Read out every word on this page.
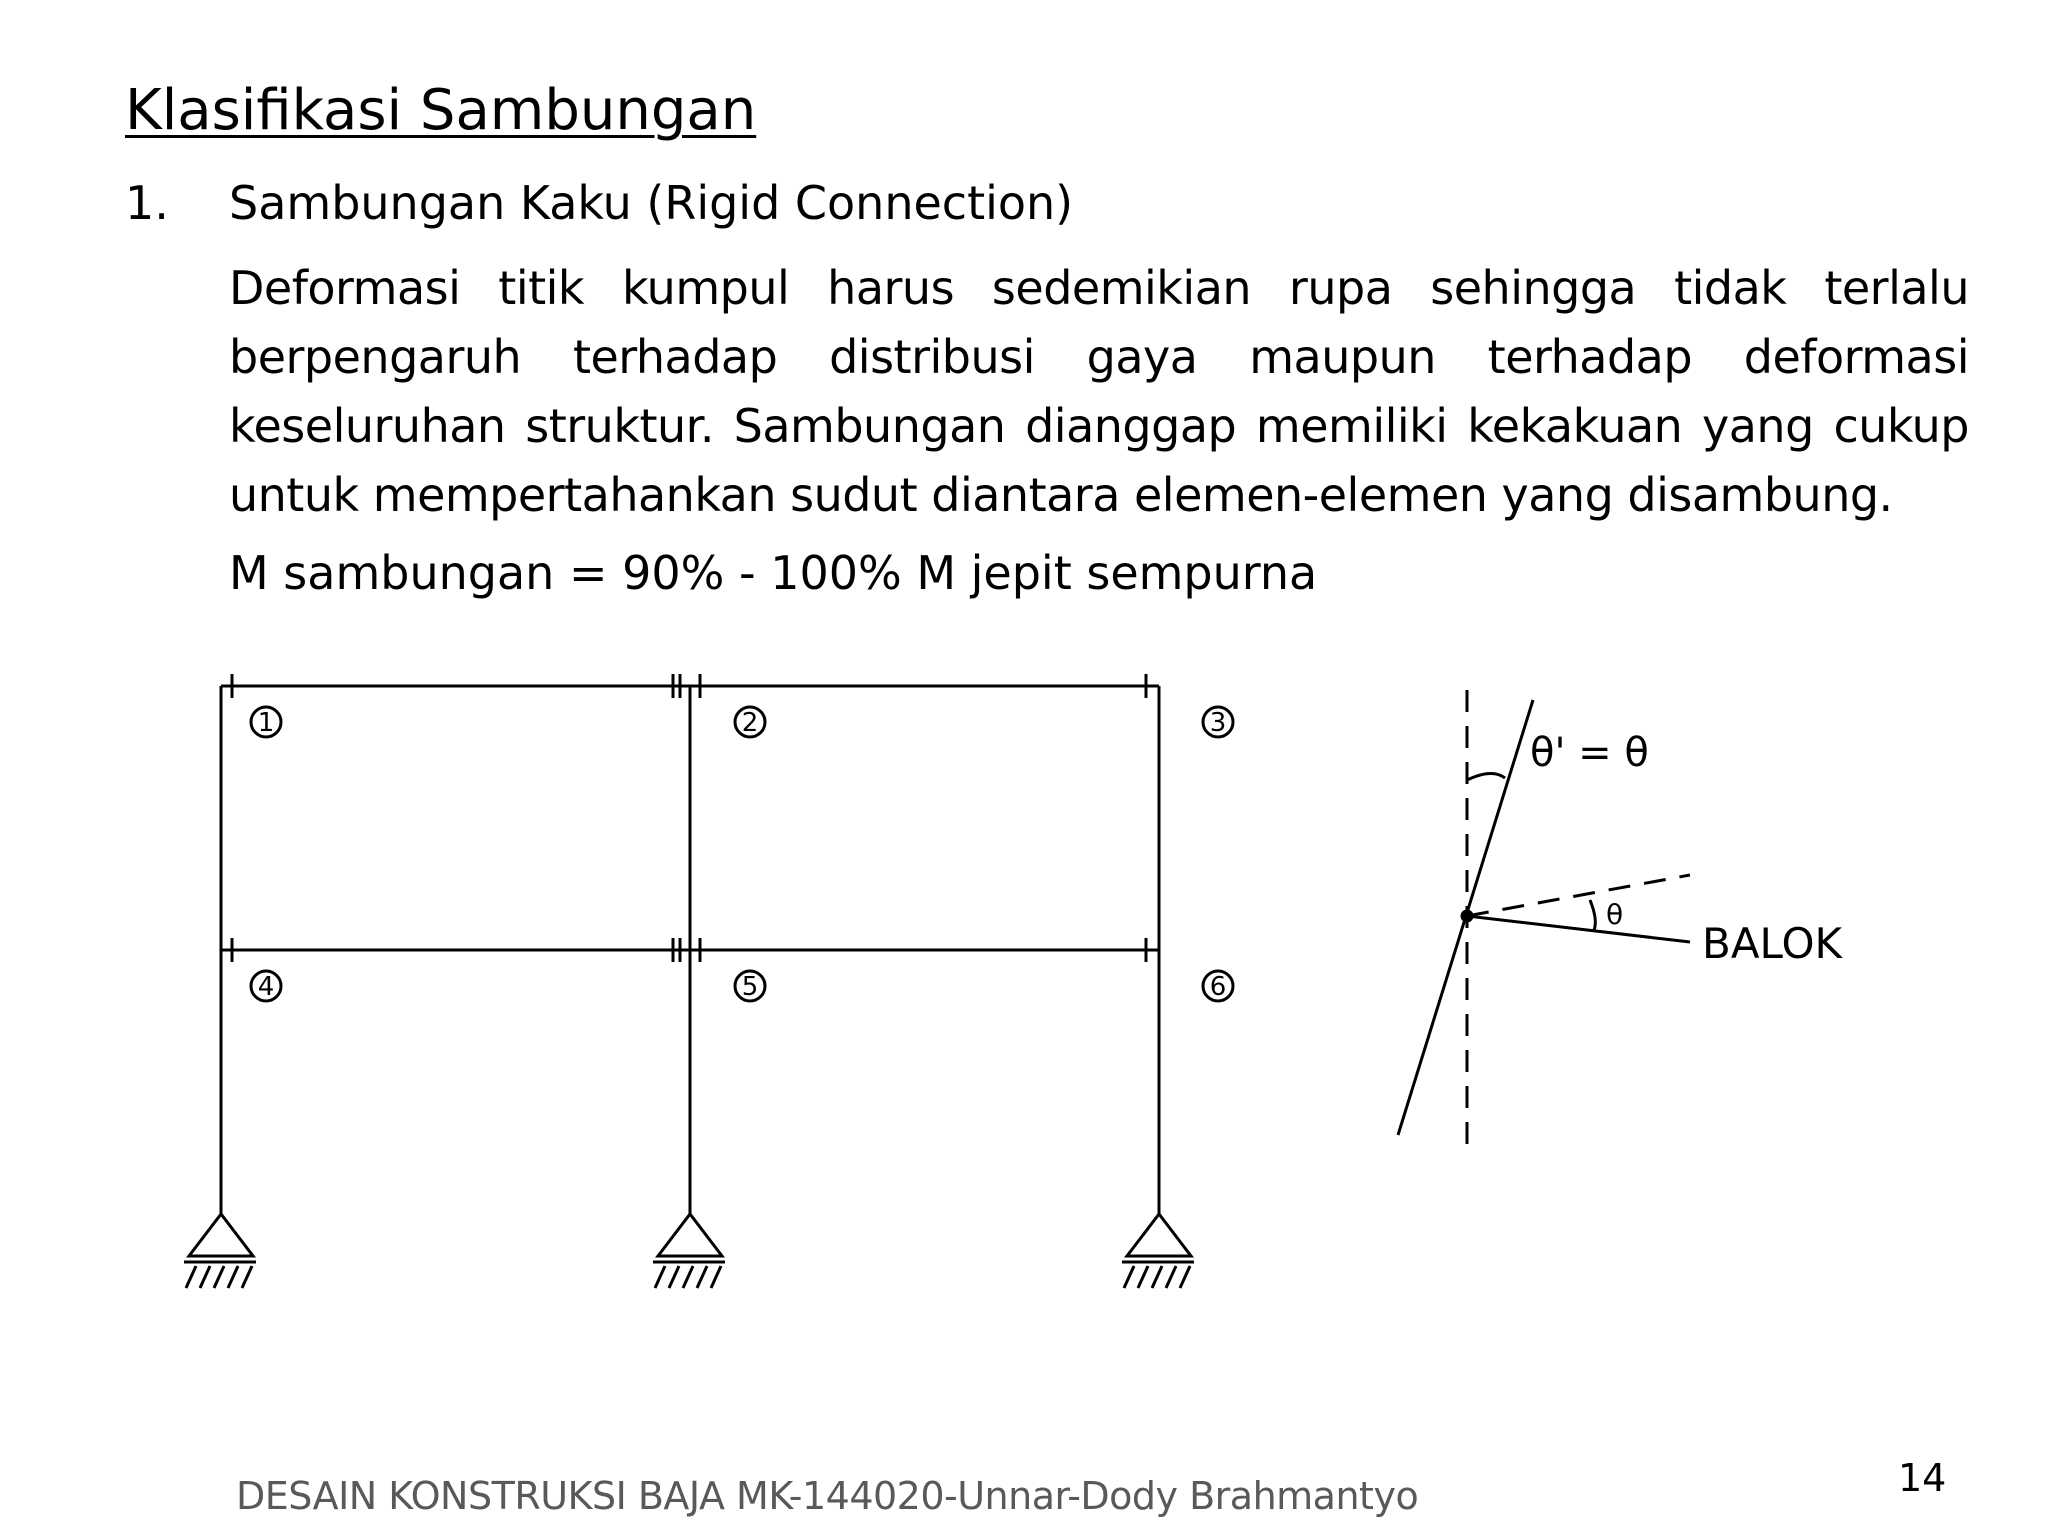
Klasifikasi Sambungan
1. Sambungan Kaku (Rigid Connection)

Deformasi titik kumpul harus sedemikian rupa sehingga tidak terlalu berpengaruh terhadap distribusi gaya maupun terhadap deformasi keseluruhan struktur. Sambungan dianggap memiliki kekakuan yang cukup untuk mempertahankan sudut diantara elemen-elemen yang disambung.

M sambungan = 90% - 100% M jepit sempurna
1	2	3
4	5	6
θ' = θ
θ
BALOK
DESAIN KONSTRUKSI BAJA MK-144020-Unnar-Dody Brahmantyo	14
